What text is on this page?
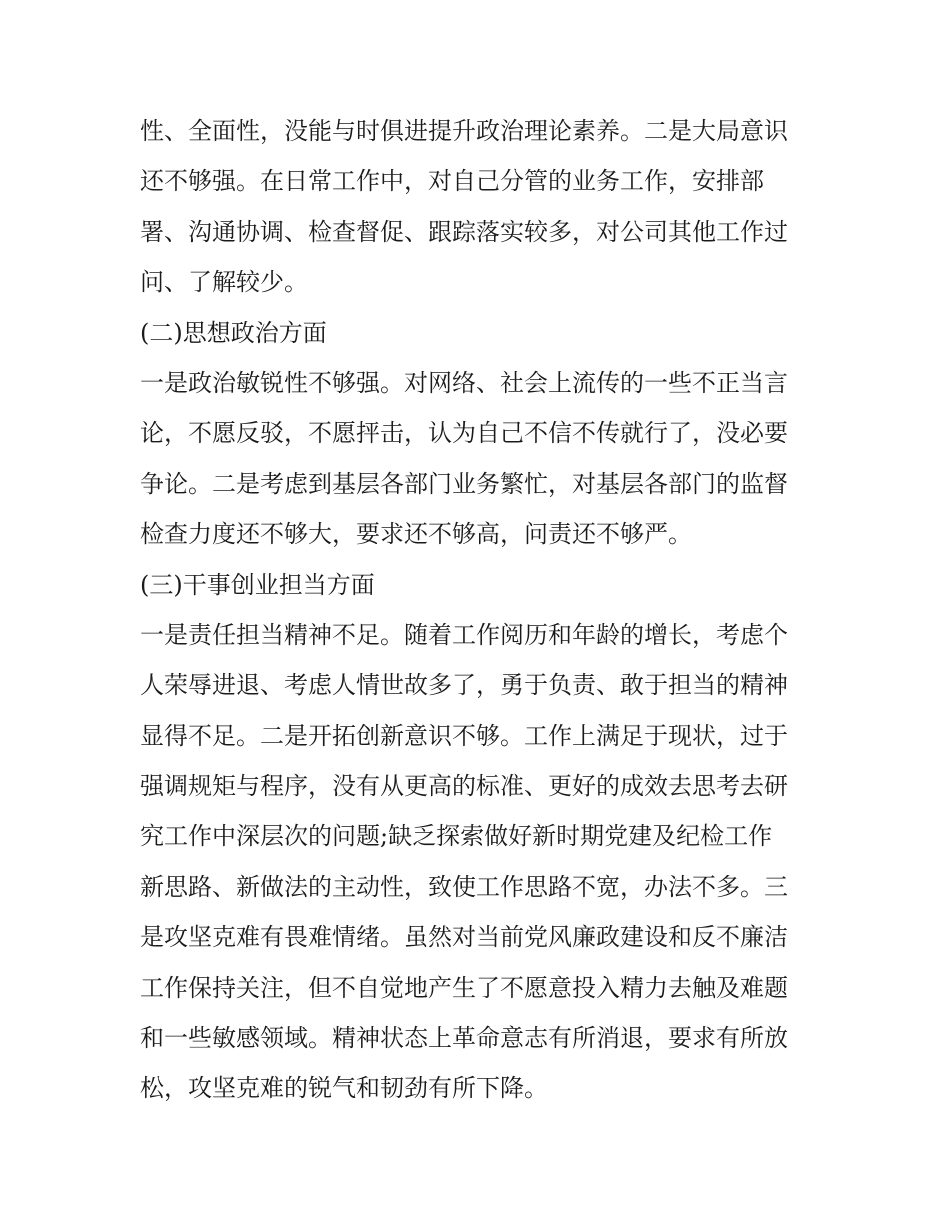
性、全面性，没能与时俱进提升政治理论素养。二是大局意识
还不够强。在日常工作中，对自己分管的业务工作，安排部
署、沟通协调、检查督促、跟踪落实较多，对公司其他工作过
问、了解较少。
(二)思想政治方面
一是政治敏锐性不够强。对网络、社会上流传的一些不正当言
论，不愿反驳，不愿抨击，认为自己不信不传就行了，没必要
争论。二是考虑到基层各部门业务繁忙，对基层各部门的监督
检查力度还不够大，要求还不够高，问责还不够严。
(三)干事创业担当方面
一是责任担当精神不足。随着工作阅历和年龄的增长，考虑个
人荣辱进退、考虑人情世故多了，勇于负责、敢于担当的精神
显得不足。二是开拓创新意识不够。工作上满足于现状，过于
强调规矩与程序，没有从更高的标准、更好的成效去思考去研
究工作中深层次的问题;缺乏探索做好新时期党建及纪检工作
新思路、新做法的主动性，致使工作思路不宽，办法不多。三
是攻坚克难有畏难情绪。虽然对当前党风廉政建设和反不廉洁
工作保持关注，但不自觉地产生了不愿意投入精力去触及难题
和一些敏感领域。精神状态上革命意志有所消退，要求有所放
松，攻坚克难的锐气和韧劲有所下降。
